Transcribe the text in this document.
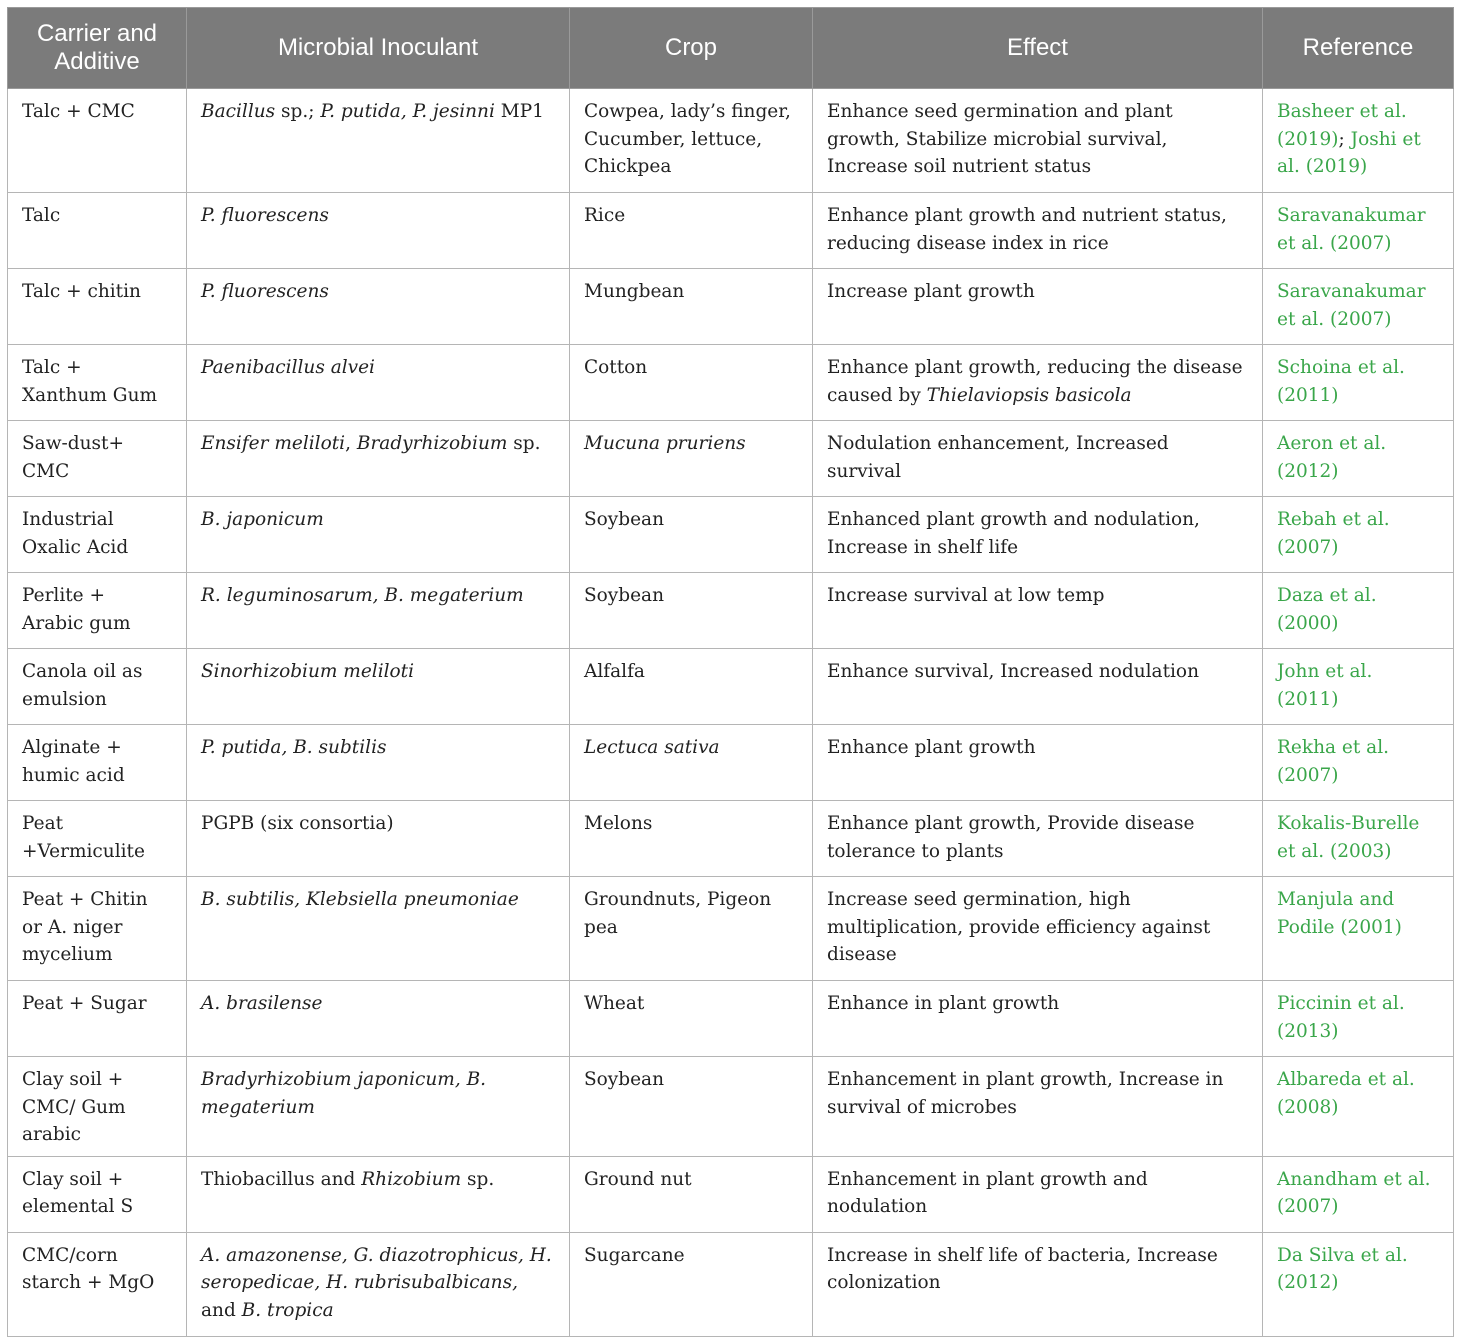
Carrier and Additive	Microbial Inoculant	Crop	Effect	Reference
Talc + CMC	Bacillus sp.; P. putida, P. jesinni MP1	Cowpea, lady’s finger, Cucumber, lettuce, Chickpea	Enhance seed germination and plant growth, Stabilize microbial survival, Increase soil nutrient status	Basheer et al. (2019); Joshi et al. (2019)
Talc	P. fluorescens	Rice	Enhance plant growth and nutrient status, reducing disease index in rice	Saravanakumar et al. (2007)
Talc + chitin	P. fluorescens	Mungbean	Increase plant growth	Saravanakumar et al. (2007)
Talc + Xanthum Gum	Paenibacillus alvei	Cotton	Enhance plant growth, reducing the disease caused by Thielaviopsis basicola	Schoina et al. (2011)
Saw-dust+ CMC	Ensifer meliloti, Bradyrhizobium sp.	Mucuna pruriens	Nodulation enhancement, Increased survival	Aeron et al. (2012)
Industrial Oxalic Acid	B. japonicum	Soybean	Enhanced plant growth and nodulation, Increase in shelf life	Rebah et al. (2007)
Perlite + Arabic gum	R. leguminosarum, B. megaterium	Soybean	Increase survival at low temp	Daza et al. (2000)
Canola oil as emulsion	Sinorhizobium meliloti	Alfalfa	Enhance survival, Increased nodulation	John et al. (2011)
Alginate + humic acid	P. putida, B. subtilis	Lectuca sativa	Enhance plant growth	Rekha et al. (2007)
Peat +Vermiculite	PGPB (six consortia)	Melons	Enhance plant growth, Provide disease tolerance to plants	Kokalis-Burelle et al. (2003)
Peat + Chitin or A. niger mycelium	B. subtilis, Klebsiella pneumoniae	Groundnuts, Pigeon pea	Increase seed germination, high multiplication, provide efficiency against disease	Manjula and Podile (2001)
Peat + Sugar	A. brasilense	Wheat	Enhance in plant growth	Piccinin et al. (2013)
Clay soil + CMC/ Gum arabic	Bradyrhizobium japonicum, B. megaterium	Soybean	Enhancement in plant growth, Increase in survival of microbes	Albareda et al. (2008)
Clay soil + elemental S	Thiobacillus and Rhizobium sp.	Ground nut	Enhancement in plant growth and nodulation	Anandham et al. (2007)
CMC/corn starch + MgO	A. amazonense, G. diazotrophicus, H. seropedicae, H. rubrisubalbicans, and B. tropica	Sugarcane	Increase in shelf life of bacteria, Increase colonization	Da Silva et al. (2012)
